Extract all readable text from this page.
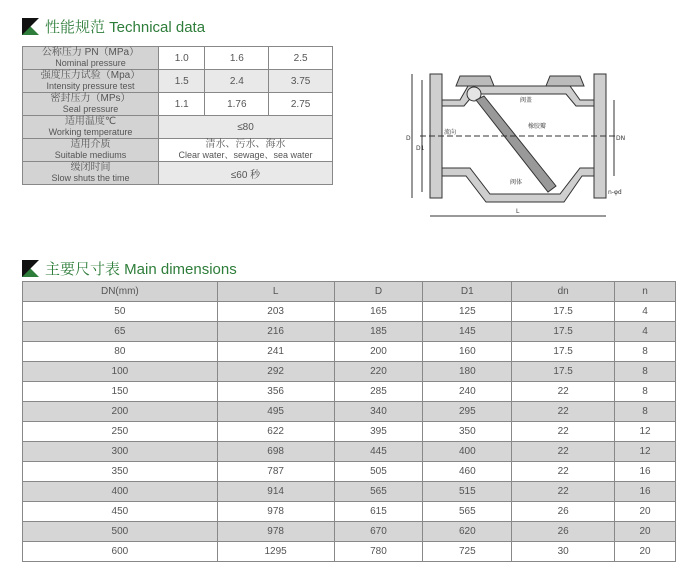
性能规范 Technical data
公称压力 PN（MPa）
Nominal pressure	1.0	1.6	2.5

强度压力试验（Mpa）
Intensity pressure test	1.5	2.4	3.75

密封压力（MPs）
Seal pressure	1.1	1.76	2.75

适用温度℃
Working temperature	≤80		

适用介质
Suitable mediums	清水、污水、海水
Clear water、sewage、sea water		

缓闭时间
Slow shuts the time	≤60 秒		
阀盖
橡胶瓣
流向
阀体
D
D1
DN
n-φd
L
主要尺寸表 Main dimensions
DN(mm)	L	D	D1	dn	n
50	203	165	125	17.5	4
65	216	185	145	17.5	4
80	241	200	160	17.5	8
100	292	220	180	17.5	8
150	356	285	240	22	8
200	495	340	295	22	8
250	622	395	350	22	12
300	698	445	400	22	12
350	787	505	460	22	16
400	914	565	515	22	16
450	978	615	565	26	20
500	978	670	620	26	20
600	1295	780	725	30	20
